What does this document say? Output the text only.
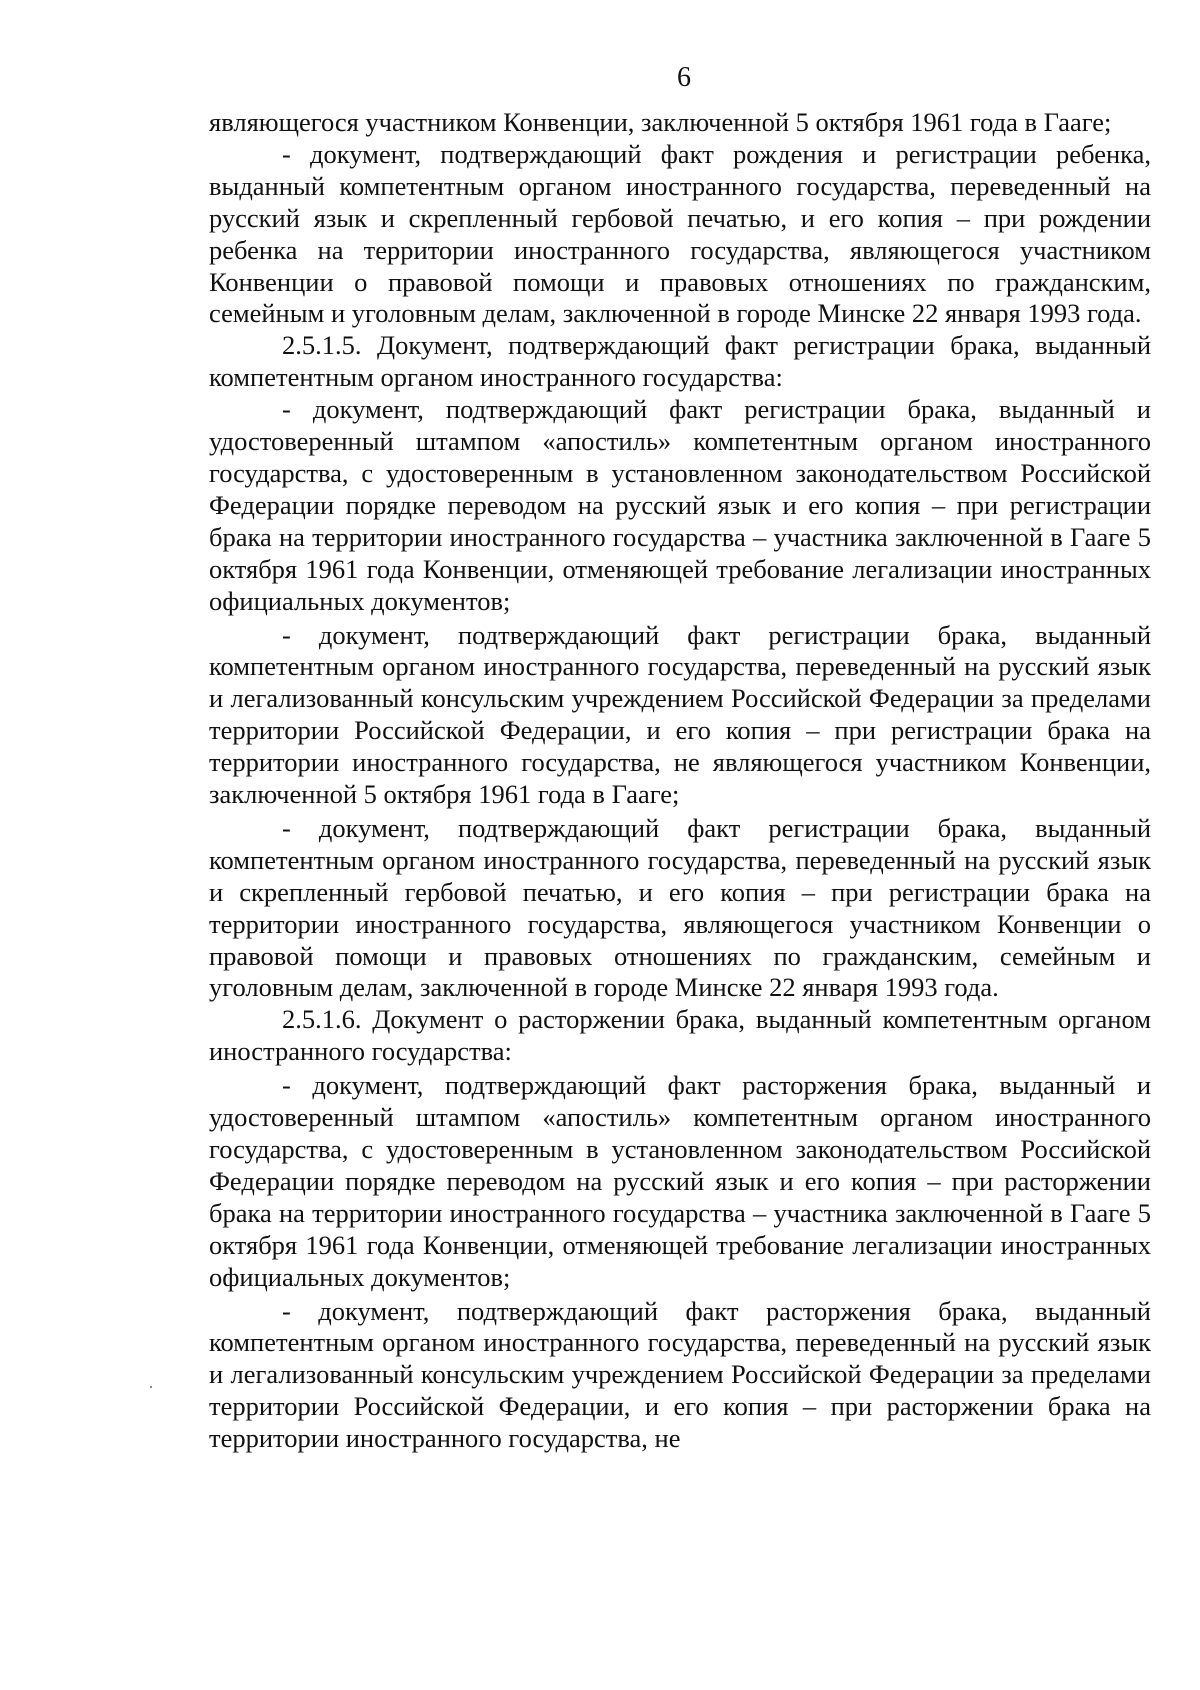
6

являющегося участником Конвенции, заключенной 5 октября 1961 года в Гааге;

- документ, подтверждающий факт рождения и регистрации ребенка, выданный компетентным органом иностранного государства, переведенный на русский язык и скрепленный гербовой печатью, и его копия – при рождении ребенка на территории иностранного государства, являющегося участником Конвенции о правовой помощи и правовых отношениях по гражданским, семейным и уголовным делам, заключенной в городе Минске 22 января 1993 года.

2.5.1.5. Документ, подтверждающий факт регистрации брака, выданный компетентным органом иностранного государства:

- документ, подтверждающий факт регистрации брака, выданный и удостоверенный штампом «апостиль» компетентным органом иностранного государства, с удостоверенным в установленном законодательством Российской Федерации порядке переводом на русский язык и его копия – при регистрации брака на территории иностранного государства – участника заключенной в Гааге 5 октября 1961 года Конвенции, отменяющей требование легализации иностранных официальных документов;

- документ, подтверждающий факт регистрации брака, выданный компетентным органом иностранного государства, переведенный на русский язык и легализованный консульским учреждением Российской Федерации за пределами территории Российской Федерации, и его копия – при регистрации брака на территории иностранного государства, не являющегося участником Конвенции, заключенной 5 октября 1961 года в Гааге;

- документ, подтверждающий факт регистрации брака, выданный компетентным органом иностранного государства, переведенный на русский язык и скрепленный гербовой печатью, и его копия – при регистрации брака на территории иностранного государства, являющегося участником Конвенции о правовой помощи и правовых отношениях по гражданским, семейным и уголовным делам, заключенной в городе Минске 22 января 1993 года.

2.5.1.6. Документ о расторжении брака, выданный компетентным органом иностранного государства:

- документ, подтверждающий факт расторжения брака, выданный и удостоверенный штампом «апостиль» компетентным органом иностранного государства, с удостоверенным в установленном законодательством Российской Федерации порядке переводом на русский язык и его копия – при расторжении брака на территории иностранного государства – участника заключенной в Гааге 5 октября 1961 года Конвенции, отменяющей требование легализации иностранных официальных документов;

- документ, подтверждающий факт расторжения брака, выданный компетентным органом иностранного государства, переведенный на русский язык и легализованный консульским учреждением Российской Федерации за пределами территории Российской Федерации, и его копия – при расторжении брака на территории иностранного государства, не
